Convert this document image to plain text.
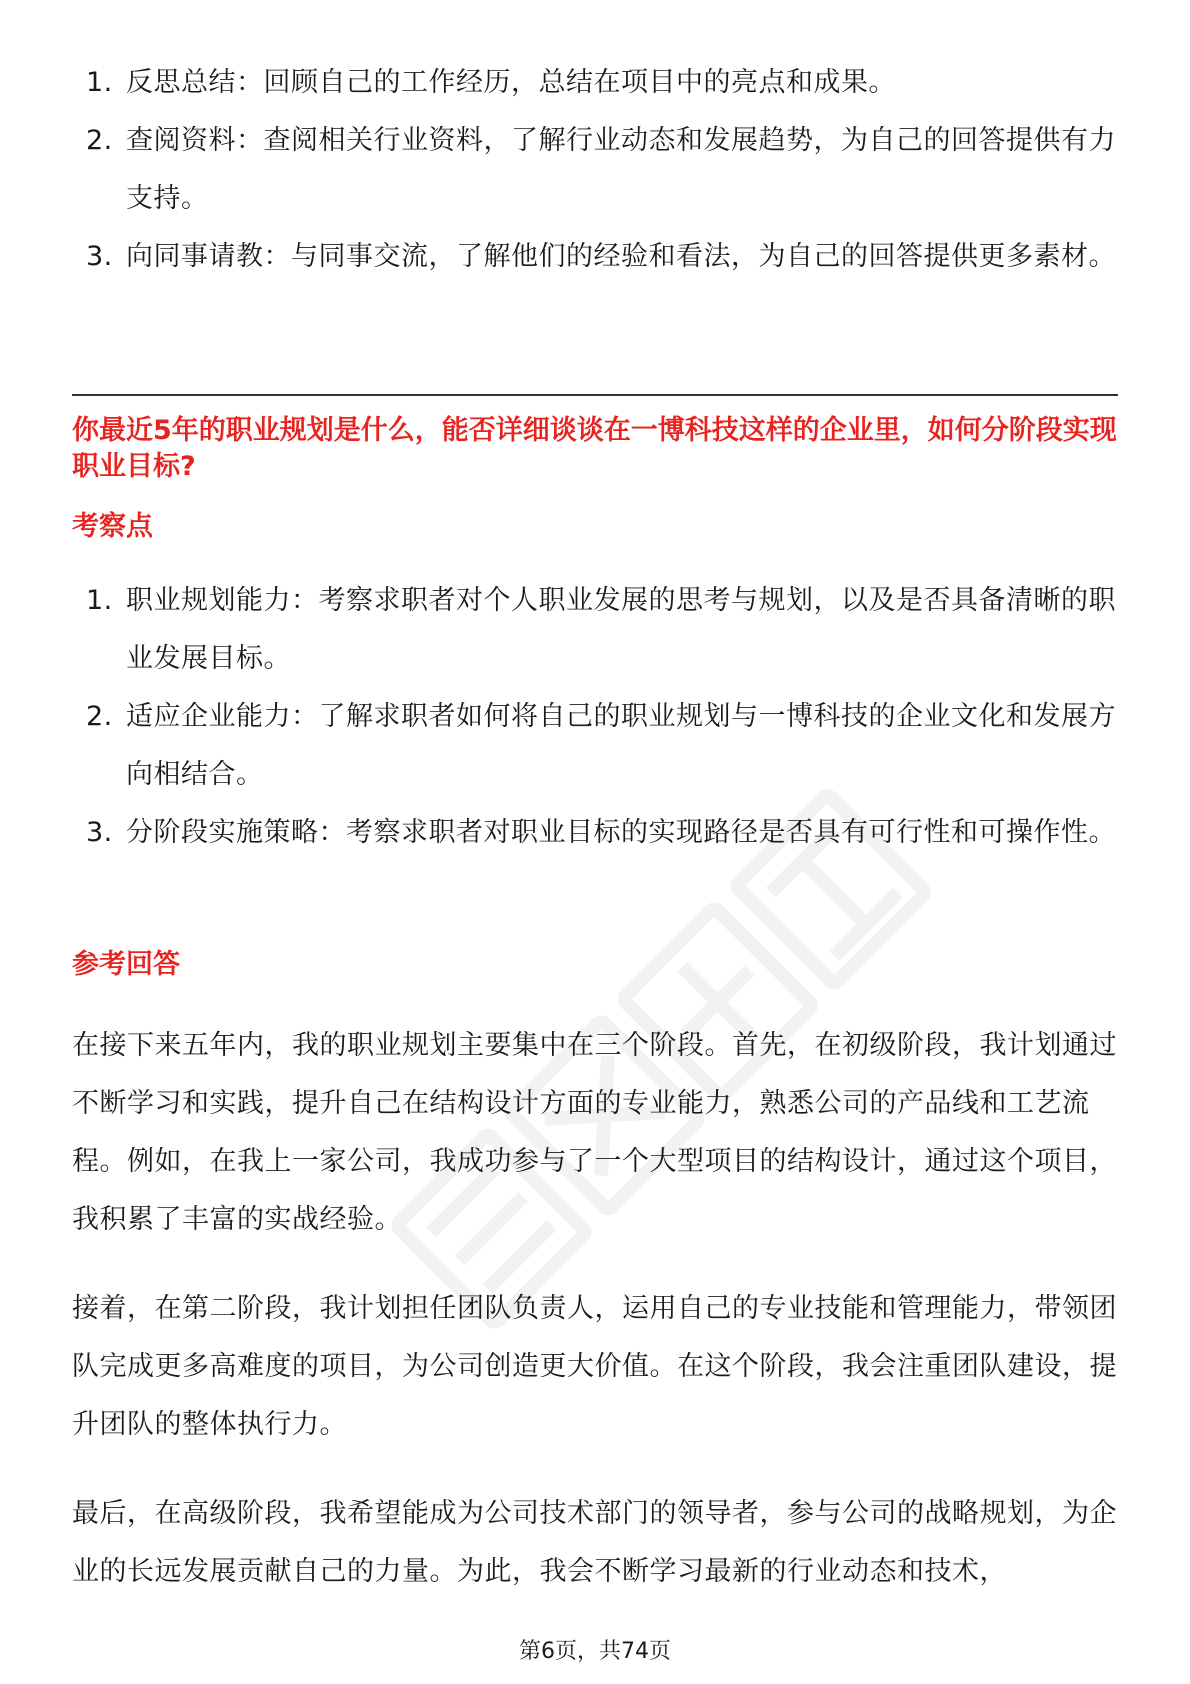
1. 反思总结：回顾自己的工作经历，总结在项目中的亮点和成果。
2. 查阅资料：查阅相关行业资料，了解行业动态和发展趋势，为自己的回答提供有力支持。
3. 向同事请教：与同事交流，了解他们的经验和看法，为自己的回答提供更多素材。
你最近5年的职业规划是什么，能否详细谈谈在一博科技这样的企业里，如何分阶段实现职业目标?
考察点
1. 职业规划能力：考察求职者对个人职业发展的思考与规划，以及是否具备清晰的职业发展目标。
2. 适应企业能力：了解求职者如何将自己的职业规划与一博科技的企业文化和发展方向相结合。
3. 分阶段实施策略：考察求职者对职业目标的实现路径是否具有可行性和可操作性。
参考回答

在接下来五年内，我的职业规划主要集中在三个阶段。首先，在初级阶段，我计划通过不断学习和实践，提升自己在结构设计方面的专业能力，熟悉公司的产品线和工艺流程。例如，在我上一家公司，我成功参与了一个大型项目的结构设计，通过这个项目，我积累了丰富的实战经验。

接着，在第二阶段，我计划担任团队负责人，运用自己的专业技能和管理能力，带领团队完成更多高难度的项目，为公司创造更大价值。在这个阶段，我会注重团队建设，提升团队的整体执行力。

最后，在高级阶段，我希望能成为公司技术部门的领导者，参与公司的战略规划，为企业的长远发展贡献自己的力量。为此，我会不断学习最新的行业动态和技术，

第6页，共74页
